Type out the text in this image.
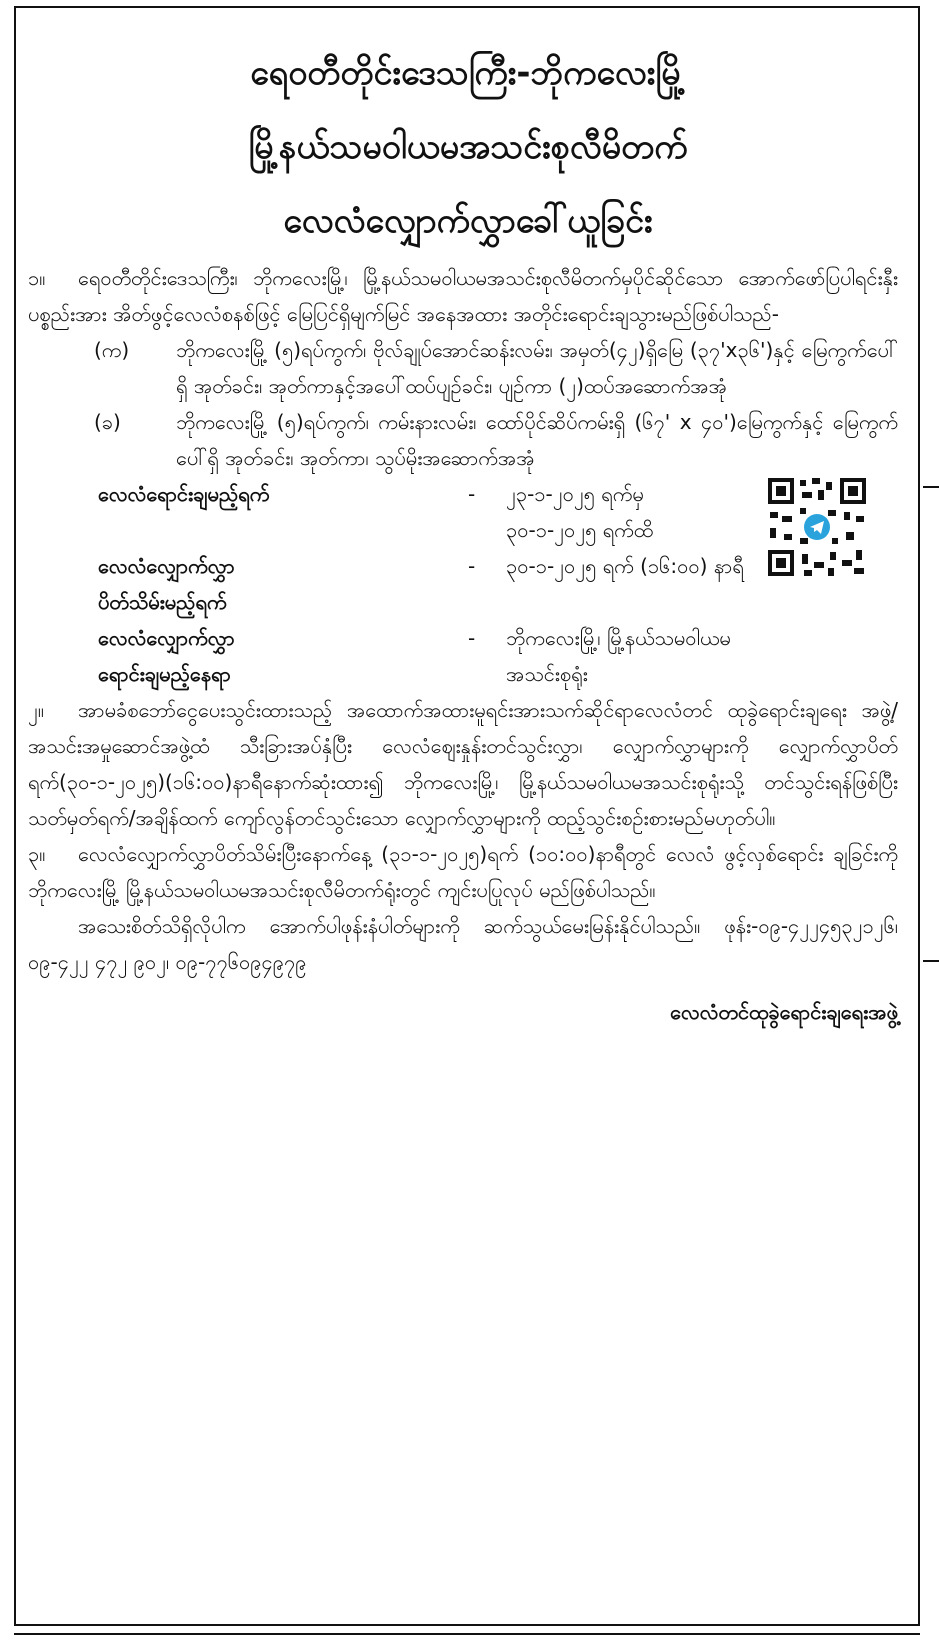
ရေဝတီတိုင်းဒေသကြီး-ဘိုကလေးမြို့
မြို့နယ်သမဝါယမအသင်းစုလီမိတက်
လေလံလျှောက်လွှာခေါ်ယူခြင်း

၁။ ရေဝတီတိုင်းဒေသကြီး၊ ဘိုကလေးမြို့၊ မြို့နယ်သမဝါယမအသင်းစုလီမိတက်မှပိုင်ဆိုင်သော အောက်ဖော်ပြပါရင်းနှီးပစ္စည်းအား အိတ်ဖွင့်လေလံစနစ်ဖြင့် မြေပြင်ရှိမျက်မြင် အနေအထား အတိုင်းရောင်းချသွားမည်ဖြစ်ပါသည်-

(က) ဘိုကလေးမြို့ (၅)ရပ်ကွက်၊ ဗိုလ်ချုပ်အောင်ဆန်းလမ်း၊ အမှတ်(၄၂)ရှိမြေ (၃၇'x၃၆')နှင့် မြေကွက်ပေါ်ရှိ အုတ်ခင်း၊ အုတ်ကာနှင့်အပေါ်ထပ်ပျဉ်ခင်း၊ ပျဉ်ကာ (၂)ထပ်အဆောက်အအုံ

(ခ)	ဘိုကလေးမြို့ (၅)ရပ်ကွက်၊ ကမ်းနားလမ်း၊ ထော်ပိုင်ဆိပ်ကမ်းရှိ (၆၇' x ၄၀')မြေကွက်နှင့် မြေကွက်ပေါ်ရှိ အုတ်ခင်း၊ အုတ်ကာ၊ သွပ်မိုးအဆောက်အအုံ

လေလံရောင်းချမည့်ရက်	- ၂၃-၁-၂၀၂၅ ရက်မှ
၃၀-၁-၂၀၂၅ ရက်ထိ
လေလံလျှောက်လွှာ	- ၃၀-၁-၂၀၂၅ ရက် (၁၆:၀၀) နာရီ
ပိတ်သိမ်းမည့်ရက်
လေလံလျှောက်လွှာ	- ဘိုကလေးမြို့၊ မြို့နယ်သမဝါယမ
ရောင်းချမည့်နေရာ	အသင်းစုရုံး

၂။ အာမခံစဘော်ငွေပေးသွင်းထားသည့် အထောက်အထားမူရင်းအားသက်ဆိုင်ရာလေလံတင် ထုခွဲရောင်းချရေး အဖွဲ့/အသင်းအမှုဆောင်အဖွဲ့ထံ သီးခြားအပ်နှံပြီး လေလံဈေးနှုန်းတင်သွင်းလွှာ၊ လျှောက်လွှာများကို လျှောက်လွှာပိတ် ရက်(၃၀-၁-၂၀၂၅)(၁၆:၀၀)နာရီနောက်ဆုံးထား၍ ဘိုကလေးမြို့၊ မြို့နယ်သမဝါယမအသင်းစုရုံးသို့ တင်သွင်းရန်ဖြစ်ပြီး သတ်မှတ်ရက်/အချိန်ထက် ကျော်လွန်တင်သွင်းသော လျှောက်လွှာများကို ထည့်သွင်းစဉ်းစားမည်မဟုတ်ပါ။

၃။ လေလံလျှောက်လွှာပိတ်သိမ်းပြီးနောက်နေ့ (၃၁-၁-၂၀၂၅)ရက် (၁၀:၀၀)နာရီတွင် လေလံ ဖွင့်လှစ်ရောင်း ချခြင်းကို ဘိုကလေးမြို့ မြို့နယ်သမဝါယမအသင်းစုလီမိတက်ရုံးတွင် ကျင်းပပြုလုပ် မည်ဖြစ်ပါသည်။

အသေးစိတ်သိရှိလိုပါက အောက်ပါဖုန်းနံပါတ်များကို ဆက်သွယ်မေးမြန်းနိုင်ပါသည်။ ဖုန်း-၀၉-၄၂၂၄၅၃၂၁၂၆၊ ၀၉-၄၂၂ ၄၇၂ ၉၀၂၊ ၀၉-၇၇၆၀၉၄၉၇၉

လေလံတင်ထုခွဲရောင်းချရေးအဖွဲ့
